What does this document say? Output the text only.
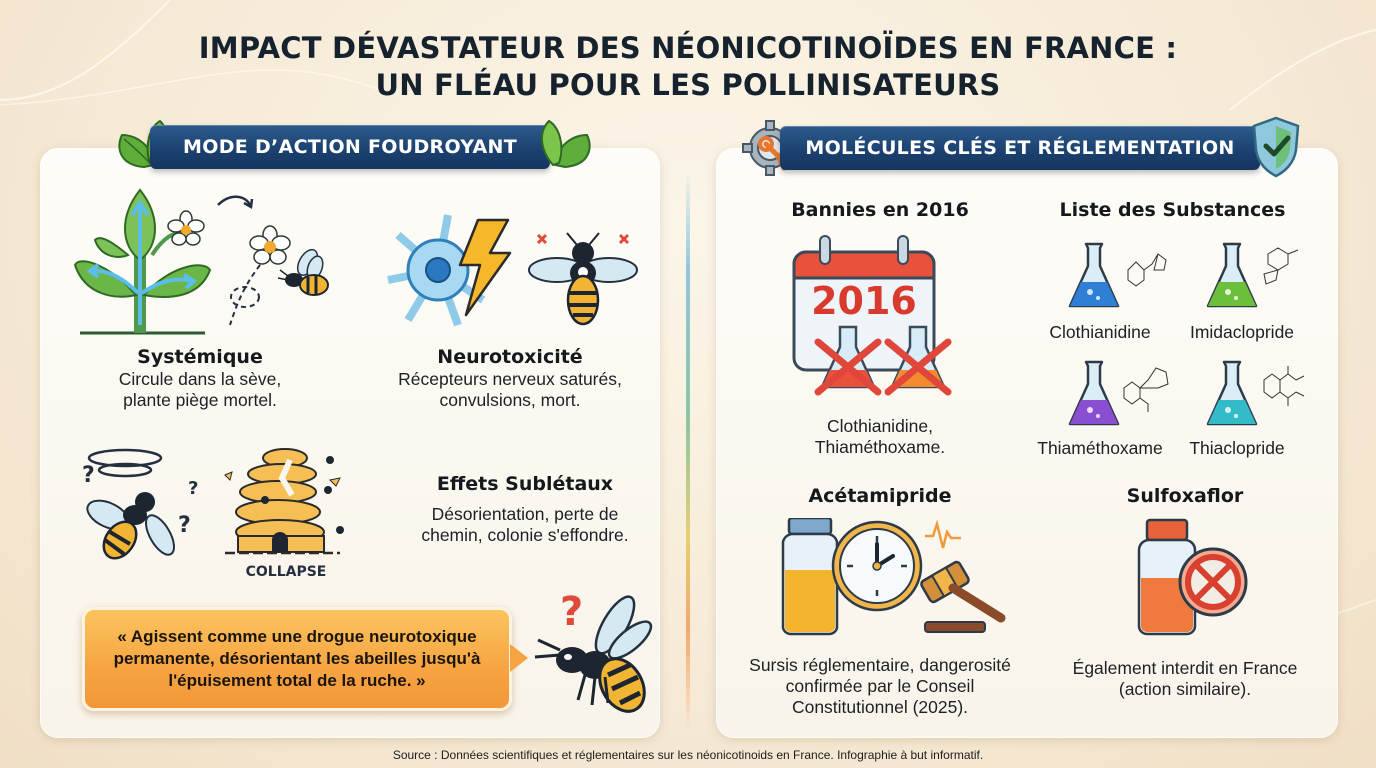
IMPACT DÉVASTATEUR DES NÉONICOTINOÏDES EN FRANCE :
UN FLÉAU POUR LES POLLINISATEURS
MODE D’ACTION FOUDROYANT	MOLÉCULES CLÉS ET RÉGLEMENTATION
Systémique
Circule dans la sève,
plante piège mortel.
Neurotoxicité
Récepteurs nerveux saturés,
convulsions, mort.
?
?
?
COLLAPSE
Effets Sublétaux
Désorientation, perte de
chemin, colonie s'effondre.
« Agissent comme une drogue neurotoxique
permanente, désorientant les abeilles jusqu'à
l'épuisement total de la ruche. »
?
Bannies en 2016
2016
Clothianidine,
Thiaméthoxame.
Liste des Substances
Clothianidine	Imidaclopride
Thiaméthoxame	Thiaclopride
Acétamipride
Sursis réglementaire, dangerosité
confirmée par le Conseil
Constitutionnel (2025).
Sulfoxaflor
Également interdit en France
(action similaire).
Source : Données scientifiques et réglementaires sur les néonicotinoids en France. Infographie à but informatif.
